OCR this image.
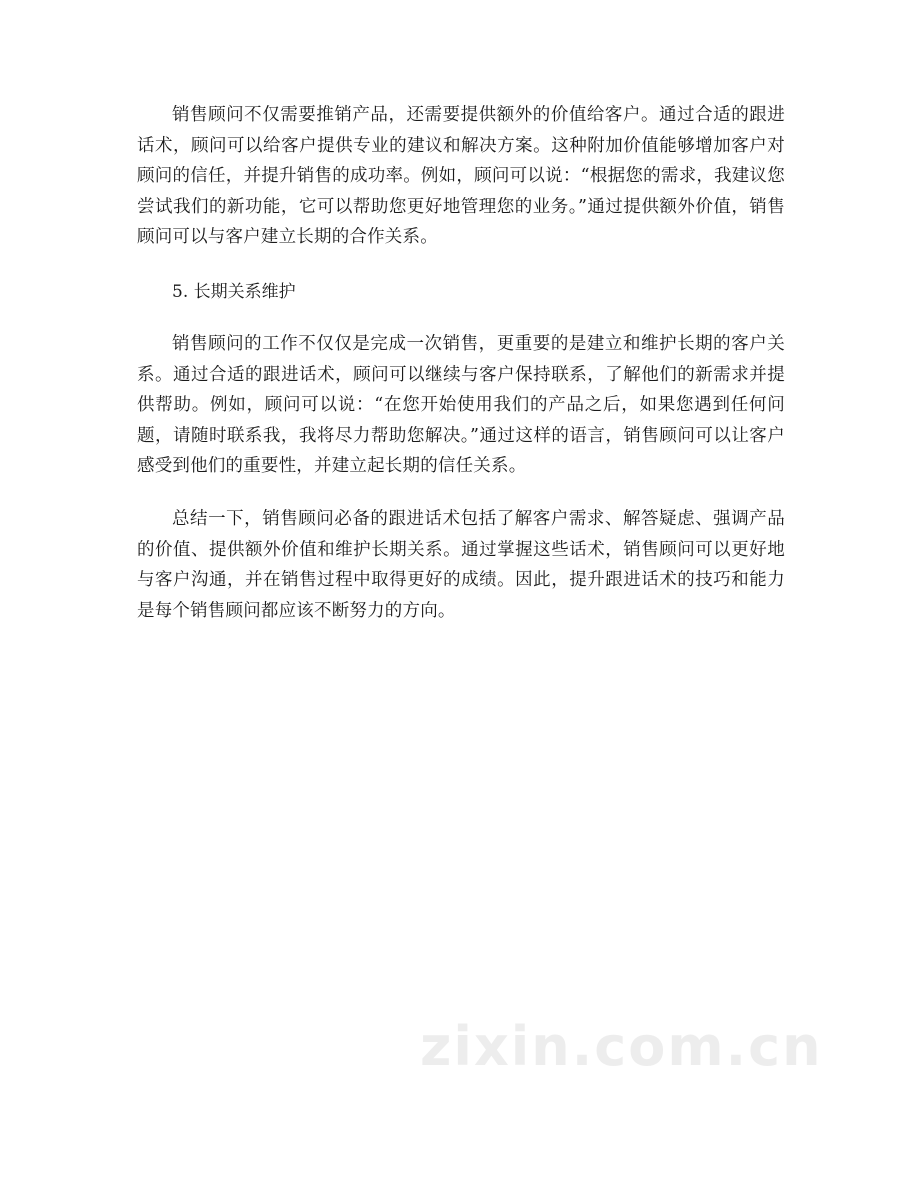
销售顾问不仅需要推销产品，还需要提供额外的价值给客户。通过合适的跟进话术，顾问可以给客户提供专业的建议和解决方案。这种附加价值能够增加客户对顾问的信任，并提升销售的成功率。例如，顾问可以说：“根据您的需求，我建议您尝试我们的新功能，它可以帮助您更好地管理您的业务。”通过提供额外价值，销售顾问可以与客户建立长期的合作关系。

5. 长期关系维护

销售顾问的工作不仅仅是完成一次销售，更重要的是建立和维护长期的客户关系。通过合适的跟进话术，顾问可以继续与客户保持联系，了解他们的新需求并提供帮助。例如，顾问可以说：“在您开始使用我们的产品之后，如果您遇到任何问题，请随时联系我，我将尽力帮助您解决。”通过这样的语言，销售顾问可以让客户感受到他们的重要性，并建立起长期的信任关系。

总结一下，销售顾问必备的跟进话术包括了解客户需求、解答疑虑、强调产品的价值、提供额外价值和维护长期关系。通过掌握这些话术，销售顾问可以更好地与客户沟通，并在销售过程中取得更好的成绩。因此，提升跟进话术的技巧和能力是每个销售顾问都应该不断努力的方向。

zixin.com.cn
